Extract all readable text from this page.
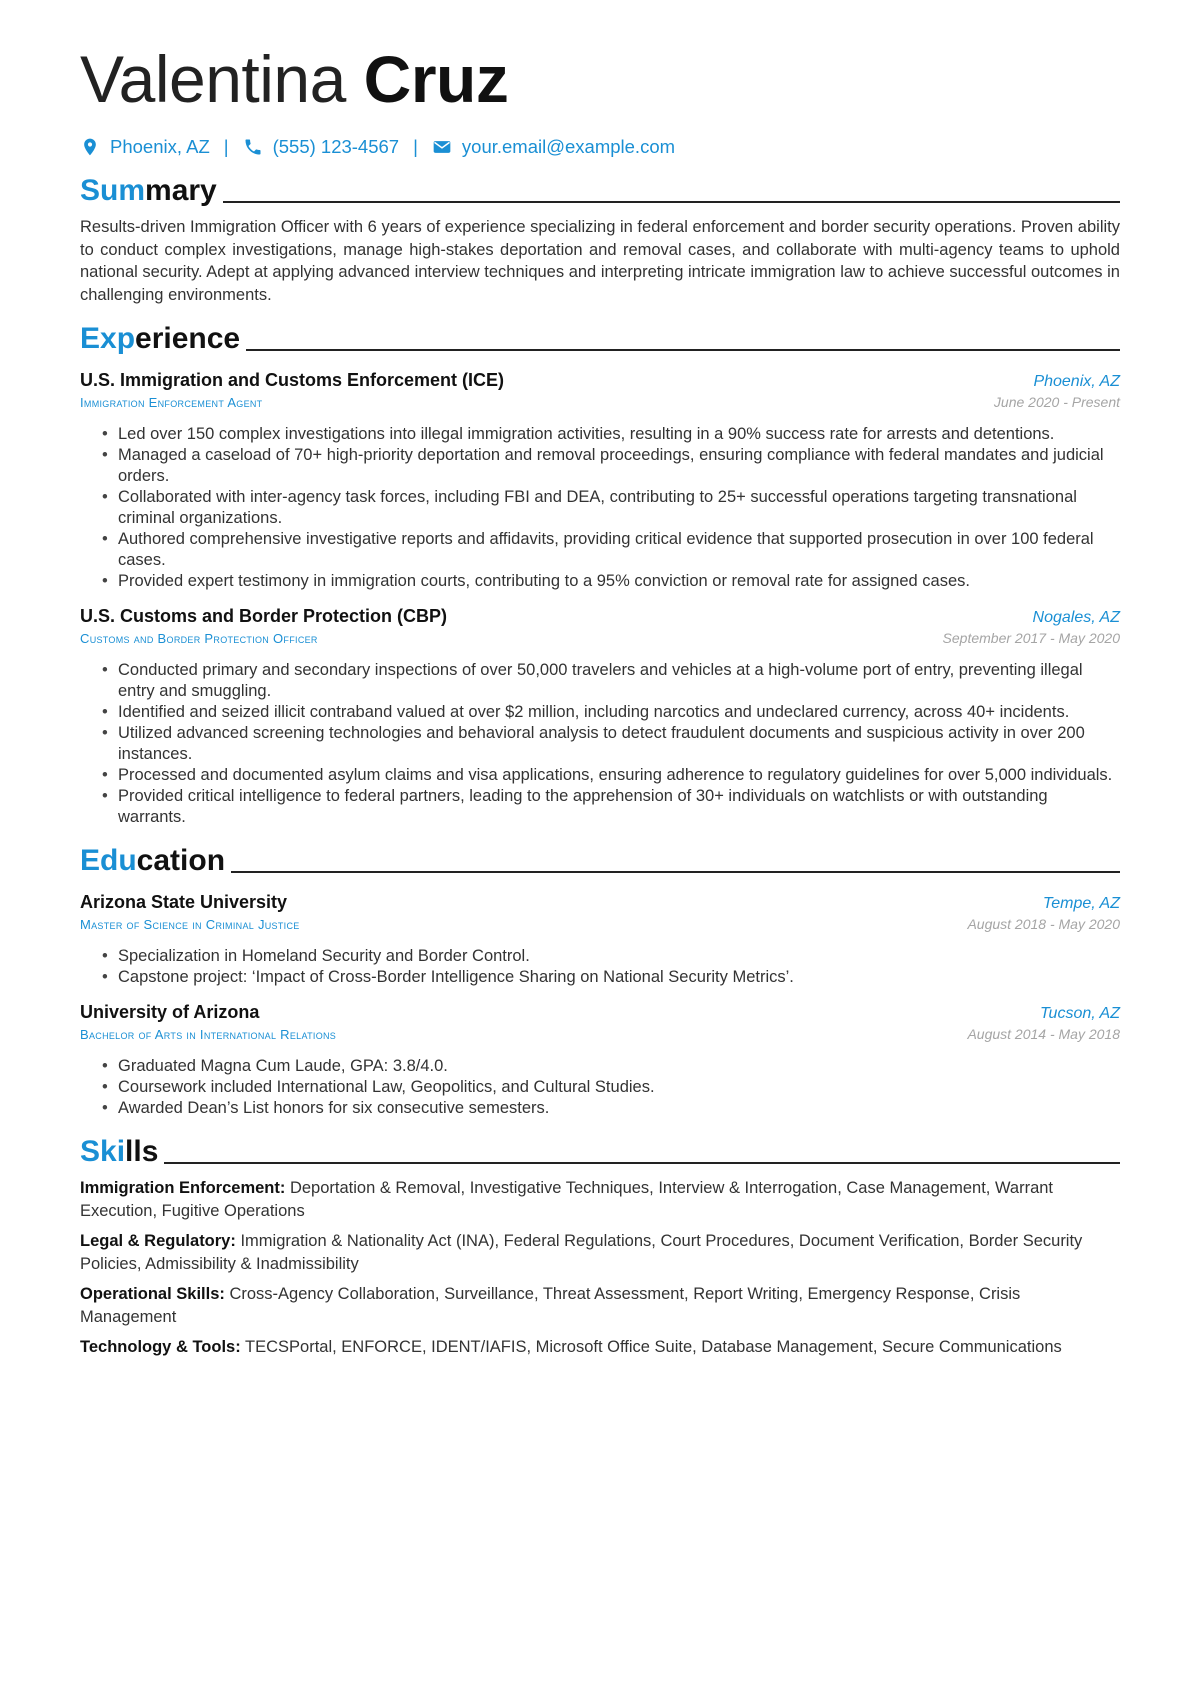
Valentina Cruz
Phoenix, AZ | (555) 123-4567 | your.email@example.com
Summary

Results-driven Immigration Officer with 6 years of experience specializing in federal enforcement and border security operations. Proven ability to conduct complex investigations, manage high-stakes deportation and removal cases, and collaborate with multi-agency teams to uphold national security. Adept at applying advanced interview techniques and interpreting intricate immigration law to achieve successful outcomes in challenging environments.

Experience
U.S. Immigration and Customs Enforcement (ICE)	Phoenix, AZ
Immigration Enforcement Agent	June 2020 - Present
• Led over 150 complex investigations into illegal immigration activities, resulting in a 90% success rate for arrests and detentions.
• Managed a caseload of 70+ high-priority deportation and removal proceedings, ensuring compliance with federal mandates and judicial orders.
• Collaborated with inter-agency task forces, including FBI and DEA, contributing to 25+ successful operations targeting transnational criminal organizations.
• Authored comprehensive investigative reports and affidavits, providing critical evidence that supported prosecution in over 100 federal cases.
• Provided expert testimony in immigration courts, contributing to a 95% conviction or removal rate for assigned cases.
U.S. Customs and Border Protection (CBP)	Nogales, AZ
Customs and Border Protection Officer	September 2017 - May 2020
• Conducted primary and secondary inspections of over 50,000 travelers and vehicles at a high-volume port of entry, preventing illegal entry and smuggling.
• Identified and seized illicit contraband valued at over $2 million, including narcotics and undeclared currency, across 40+ incidents.
• Utilized advanced screening technologies and behavioral analysis to detect fraudulent documents and suspicious activity in over 200 instances.
• Processed and documented asylum claims and visa applications, ensuring adherence to regulatory guidelines for over 5,000 individuals.
• Provided critical intelligence to federal partners, leading to the apprehension of 30+ individuals on watchlists or with outstanding warrants.
Education
Arizona State University	Tempe, AZ
Master of Science in Criminal Justice	August 2018 - May 2020
• Specialization in Homeland Security and Border Control.
• Capstone project: ‘Impact of Cross-Border Intelligence Sharing on National Security Metrics’.
University of Arizona	Tucson, AZ
Bachelor of Arts in International Relations	August 2014 - May 2018
• Graduated Magna Cum Laude, GPA: 3.8/4.0.
• Coursework included International Law, Geopolitics, and Cultural Studies.
• Awarded Dean’s List honors for six consecutive semesters.
Skills
Immigration Enforcement: Deportation & Removal, Investigative Techniques, Interview & Interrogation, Case Management, Warrant Execution, Fugitive Operations
Legal & Regulatory: Immigration & Nationality Act (INA), Federal Regulations, Court Procedures, Document Verification, Border Security Policies, Admissibility & Inadmissibility
Operational Skills: Cross-Agency Collaboration, Surveillance, Threat Assessment, Report Writing, Emergency Response, Crisis Management
Technology & Tools: TECSPortal, ENFORCE, IDENT/IAFIS, Microsoft Office Suite, Database Management, Secure Communications
